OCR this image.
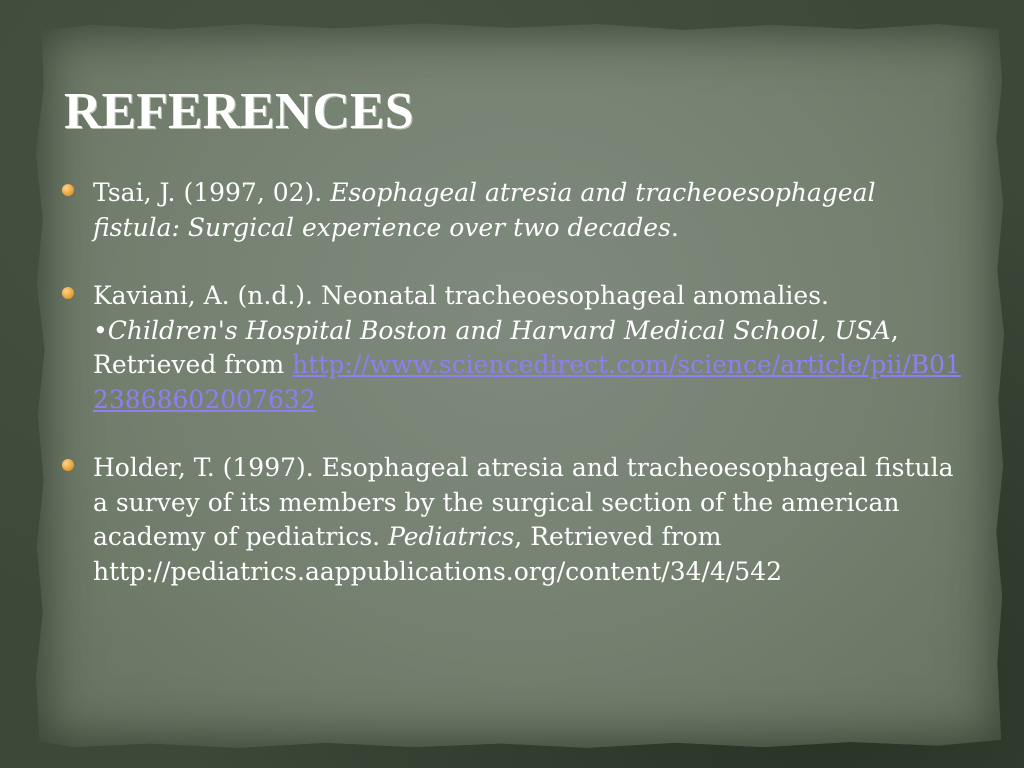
REFERENCES
Tsai, J. (1997, 02). Esophageal atresia and tracheoesophageal fistula: Surgical experience over two decades.
Kaviani, A. (n.d.). Neonatal tracheoesophageal anomalies.
•Children's Hospital Boston and Harvard Medical School, USA, Retrieved from http://www.sciencedirect.com/science/article/pii/B0123868602007632
Holder, T. (1997). Esophageal atresia and tracheoesophageal fistula a survey of its members by the surgical section of the american academy of pediatrics. Pediatrics, Retrieved from http://pediatrics.aappublications.org/content/34/4/542
